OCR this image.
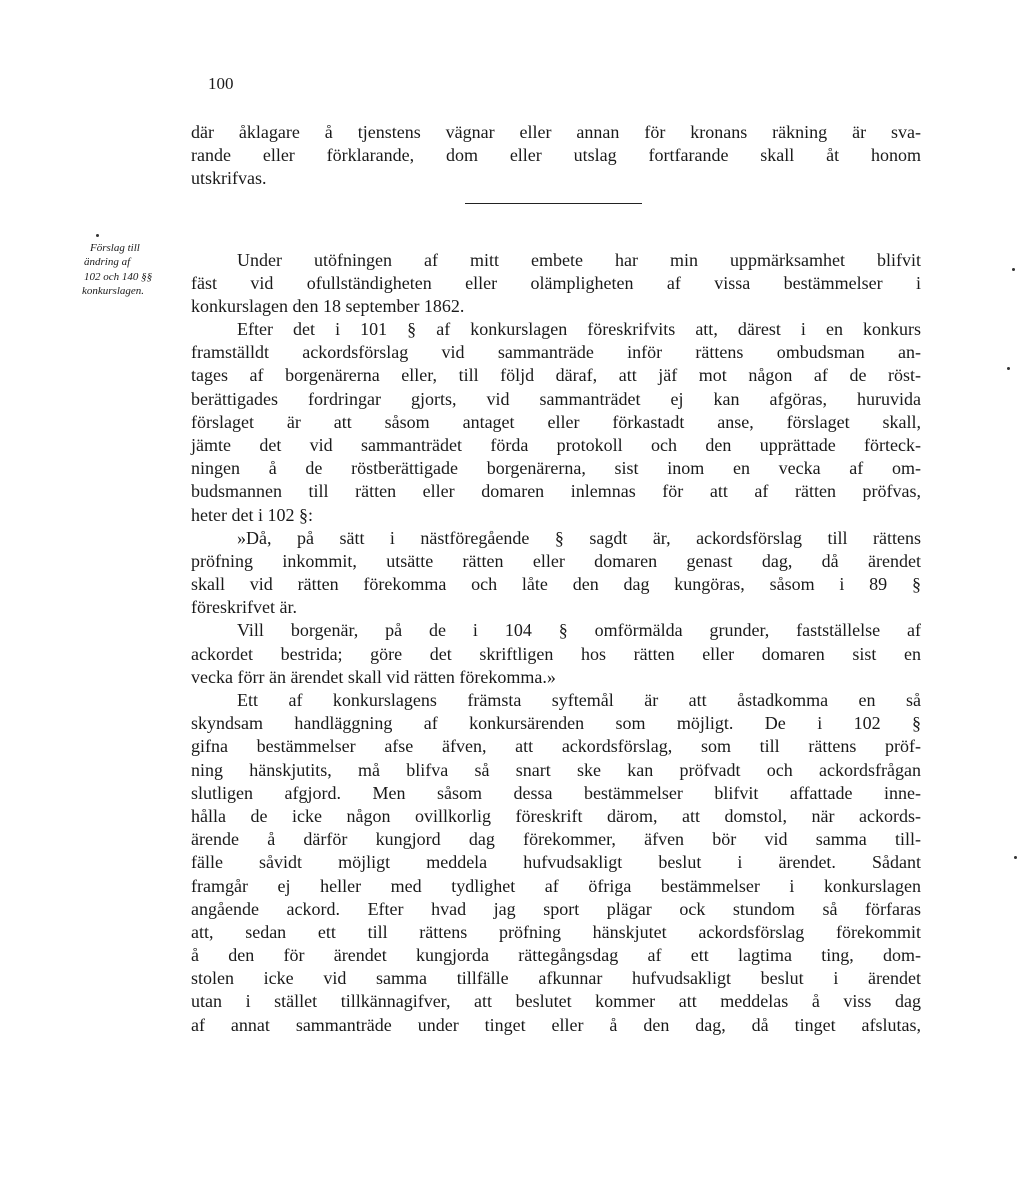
100
där åklagare å tjenstens vägnar eller annan för kronans räkning är sva-
rande eller förklarande, dom eller utslag fortfarande skall åt honom
utskrifvas.
Förslag till
ändring af
102 och 140 §§
konkurslagen.
Under utöfningen af mitt embete har min uppmärksamhet blifvit
fäst vid ofullständigheten eller olämpligheten af vissa bestämmelser i
konkurslagen den 18 september 1862.
Efter det i 101 § af konkurslagen föreskrifvits att, därest i en konkurs
framställdt ackordsförslag vid sammanträde inför rättens ombudsman an-
tages af borgenärerna eller, till följd däraf, att jäf mot någon af de röst-
berättigades fordringar gjorts, vid sammanträdet ej kan afgöras, huruvida
förslaget är att såsom antaget eller förkastadt anse, förslaget skall,
jämte det vid sammanträdet förda protokoll och den upprättade förteck-
ningen å de röstberättigade borgenärerna, sist inom en vecka af om-
budsmannen till rätten eller domaren inlemnas för att af rätten pröfvas,
heter det i 102 §:
»Då, på sätt i nästföregående § sagdt är, ackordsförslag till rättens
pröfning inkommit, utsätte rätten eller domaren genast dag, då ärendet
skall vid rätten förekomma och låte den dag kungöras, såsom i 89 §
föreskrifvet är.
Vill borgenär, på de i 104 § omförmälda grunder, fastställelse af
ackordet bestrida; göre det skriftligen hos rätten eller domaren sist en
vecka förr än ärendet skall vid rätten förekomma.»
Ett af konkurslagens främsta syftemål är att åstadkomma en så
skyndsam handläggning af konkursärenden som möjligt. De i 102 §
gifna bestämmelser afse äfven, att ackordsförslag, som till rättens pröf-
ning hänskjutits, må blifva så snart ske kan pröfvadt och ackordsfrågan
slutligen afgjord. Men såsom dessa bestämmelser blifvit affattade inne-
hålla de icke någon ovillkorlig föreskrift därom, att domstol, när ackords-
ärende å därför kungjord dag förekommer, äfven bör vid samma till-
fälle såvidt möjligt meddela hufvudsakligt beslut i ärendet. Sådant
framgår ej heller med tydlighet af öfriga bestämmelser i konkurslagen
angående ackord. Efter hvad jag sport plägar ock stundom så förfaras
att, sedan ett till rättens pröfning hänskjutet ackordsförslag förekommit
å den för ärendet kungjorda rättegångsdag af ett lagtima ting, dom-
stolen icke vid samma tillfälle afkunnar hufvudsakligt beslut i ärendet
utan i stället tillkännagifver, att beslutet kommer att meddelas å viss dag
af annat sammanträde under tinget eller å den dag, då tinget afslutas,
